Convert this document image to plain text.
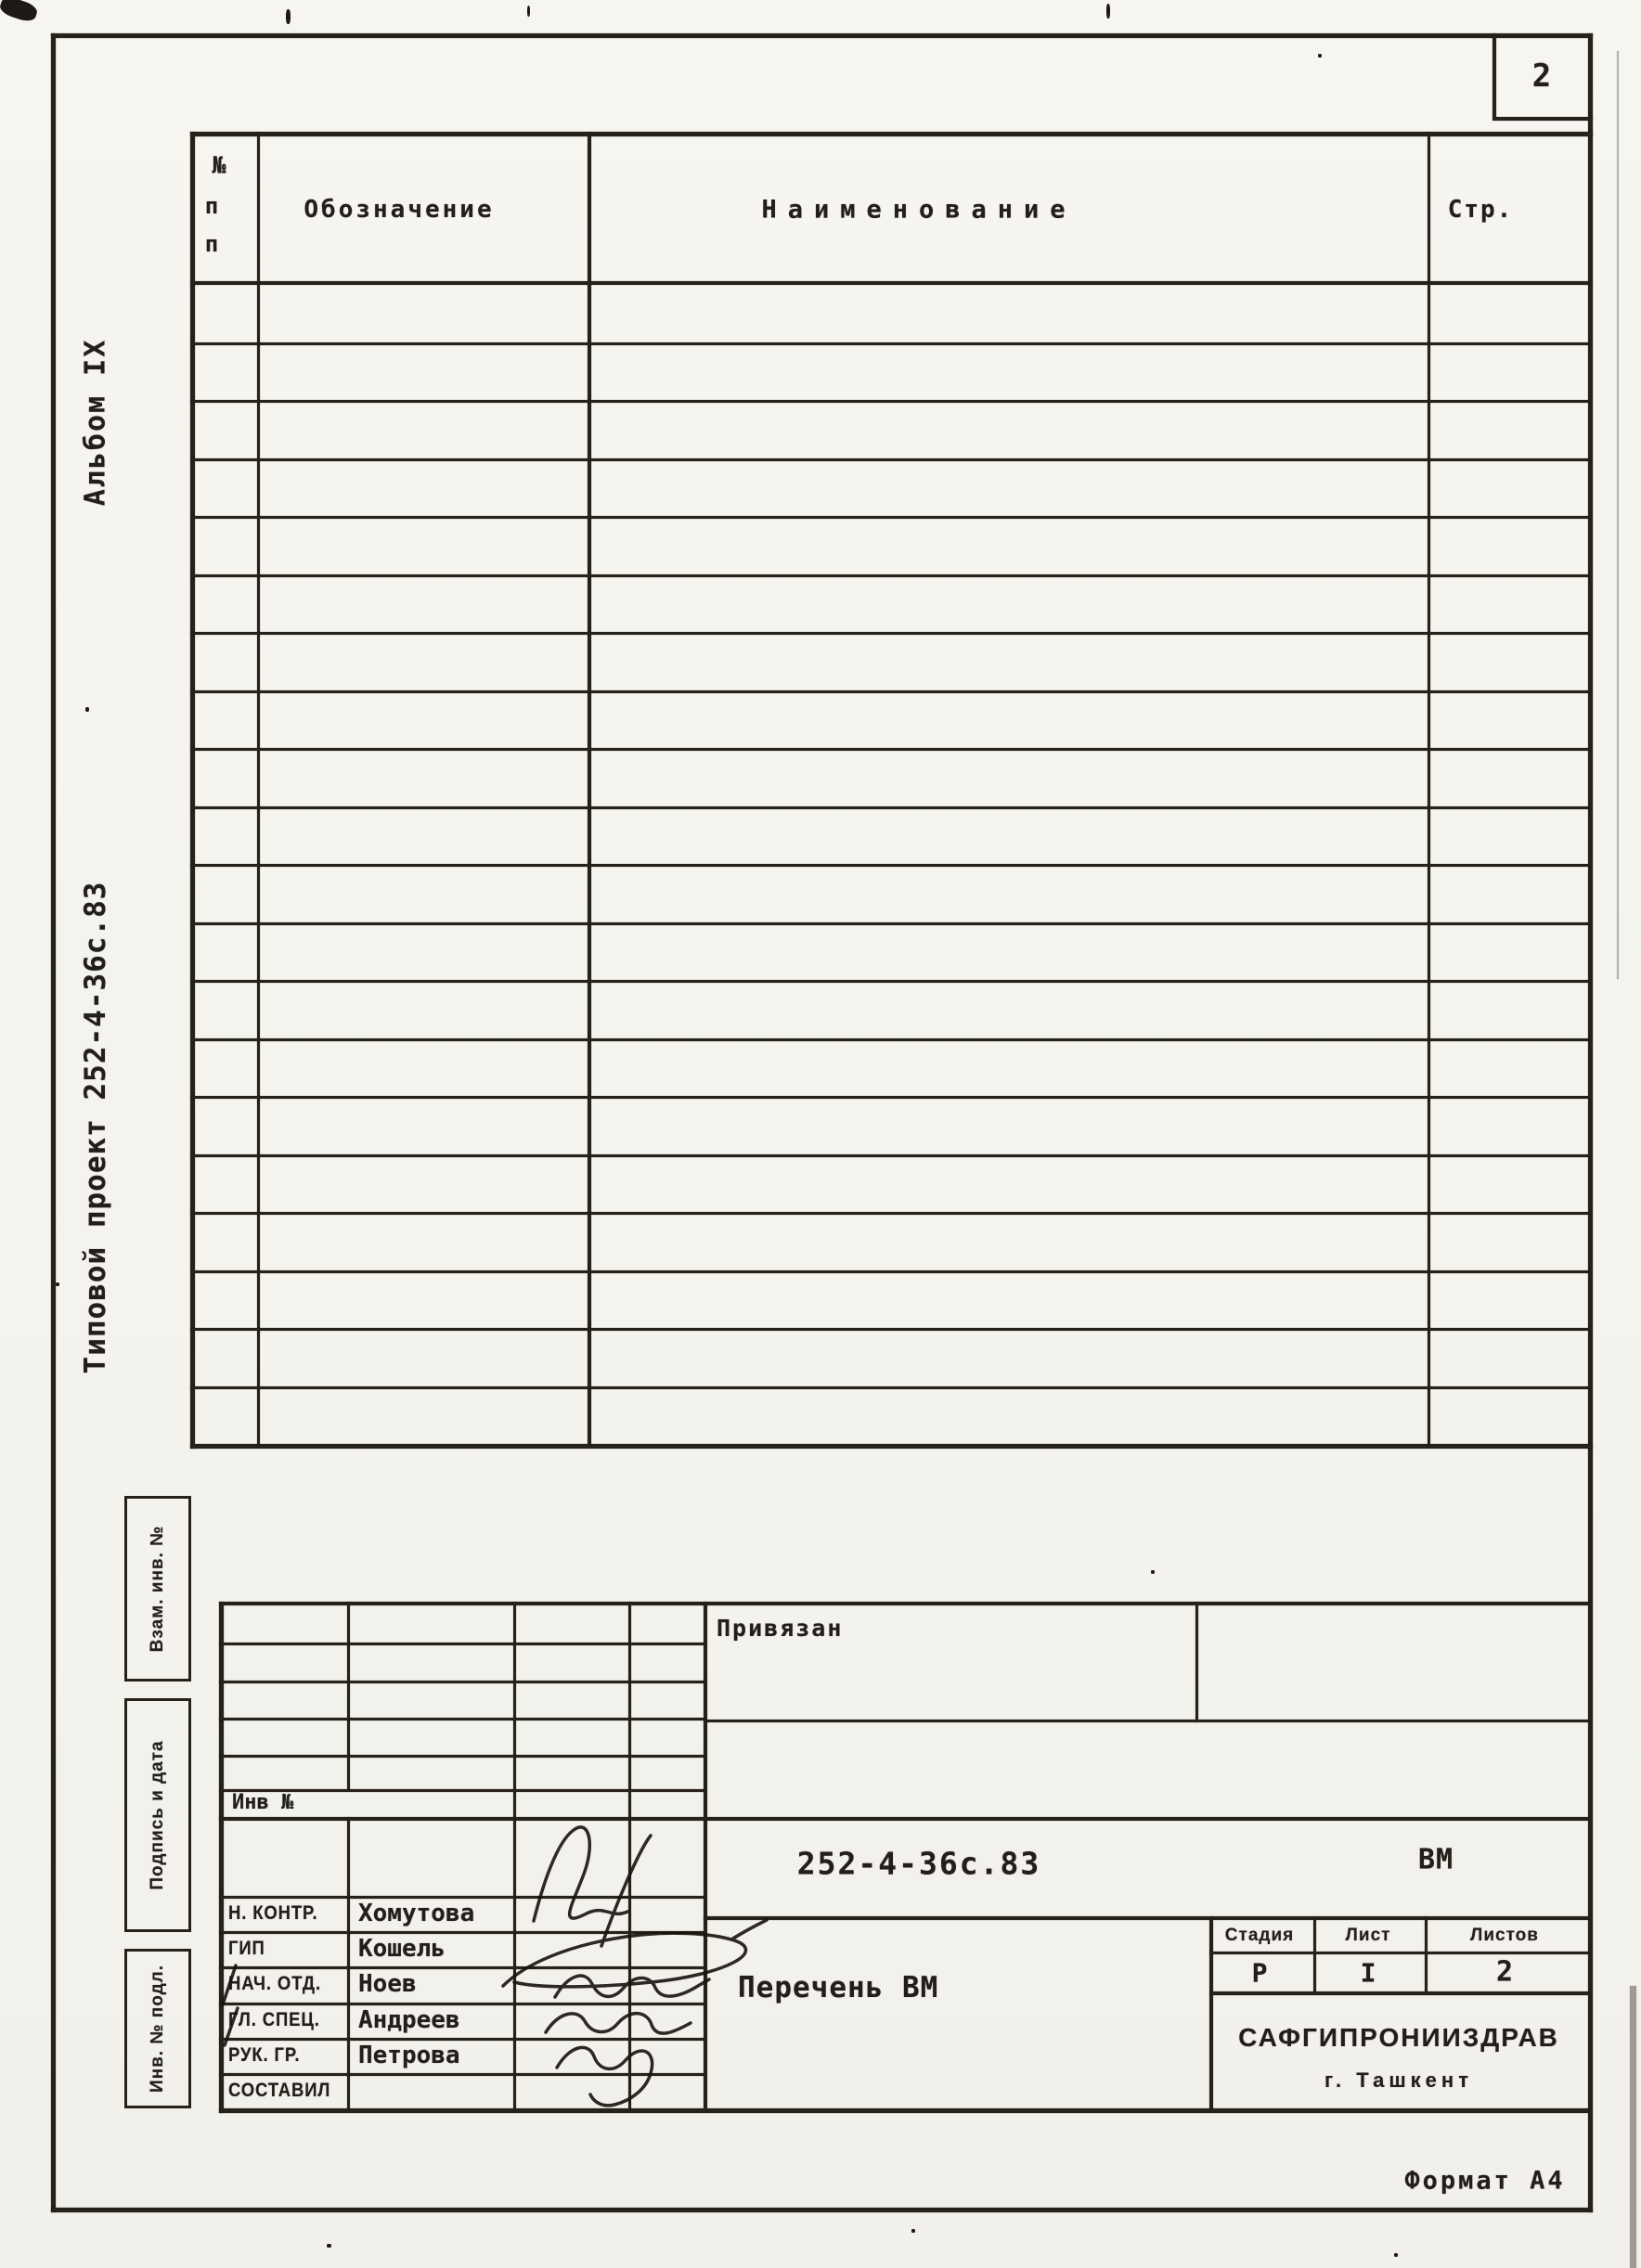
2
Альбом IX
Типовой проект 252-4-36с.83
Взам. инв. №
Подпись и дата
Инв. № подл.
№
п
п
Обозначение	Наименование	Стр.
Инв №
Привязан
252-4-36с.83	ВМ
Перечень ВМ
Стадия	Лист	Листов
Р	I	2
САФГИПРОНИИЗДРАВ
г. Ташкент
Н. КОНТР. Хомутова
ГИП	Кошель
НАЧ. ОТД. Ноев
ГЛ. СПЕЦ. Андреев
РУК. ГР. Петрова
СОСТАВИЛ
Формат А4
